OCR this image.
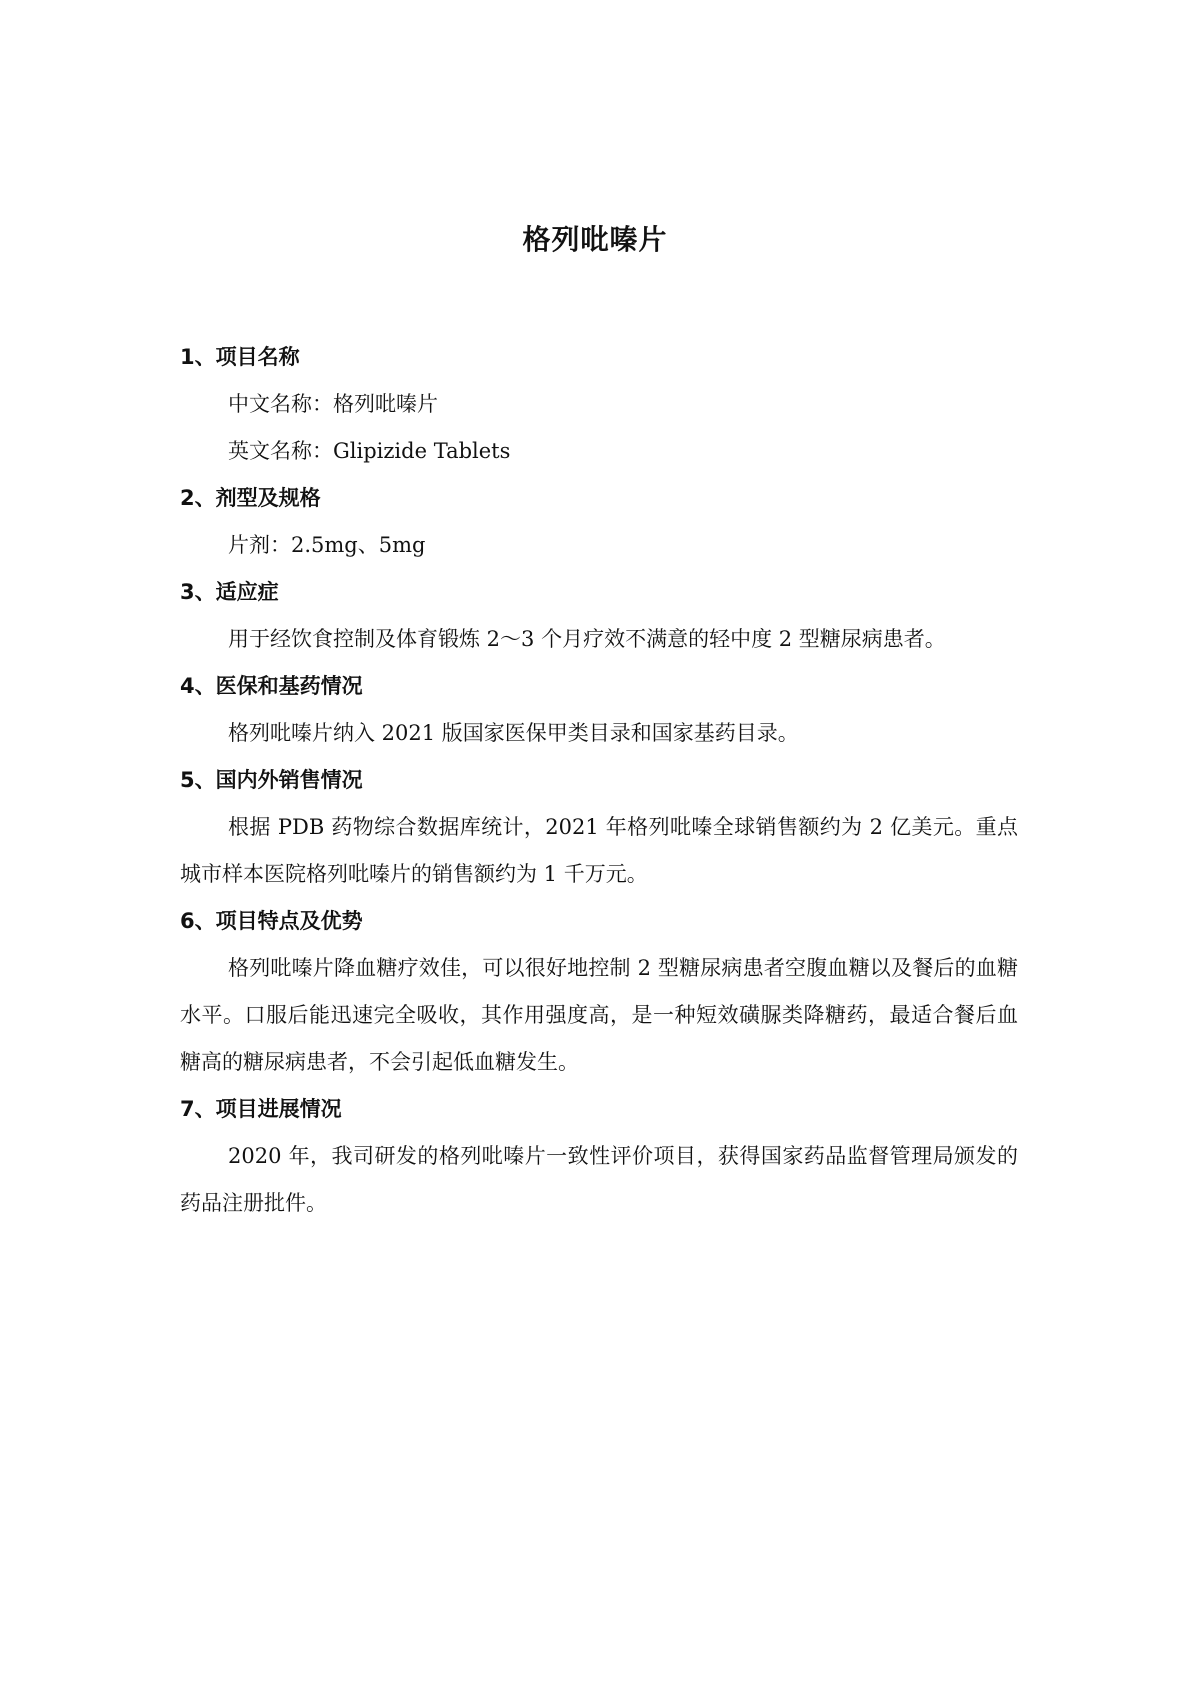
格列吡嗪片

1、项目名称

中文名称：格列吡嗪片

英文名称：Glipizide Tablets

2、剂型及规格

片剂：2.5mg、5mg

3、适应症

用于经饮食控制及体育锻炼 2～3 个月疗效不满意的轻中度 2 型糖尿病患者。

4、医保和基药情况

格列吡嗪片纳入 2021 版国家医保甲类目录和国家基药目录。

5、国内外销售情况

根据 PDB 药物综合数据库统计，2021 年格列吡嗪全球销售额约为 2 亿美元。重点城市样本医院格列吡嗪片的销售额约为 1 千万元。

6、项目特点及优势

格列吡嗪片降血糖疗效佳，可以很好地控制 2 型糖尿病患者空腹血糖以及餐后的血糖水平。口服后能迅速完全吸收，其作用强度高，是一种短效磺脲类降糖药，最适合餐后血糖高的糖尿病患者，不会引起低血糖发生。

7、项目进展情况

2020 年，我司研发的格列吡嗪片一致性评价项目，获得国家药品监督管理局颁发的药品注册批件。
